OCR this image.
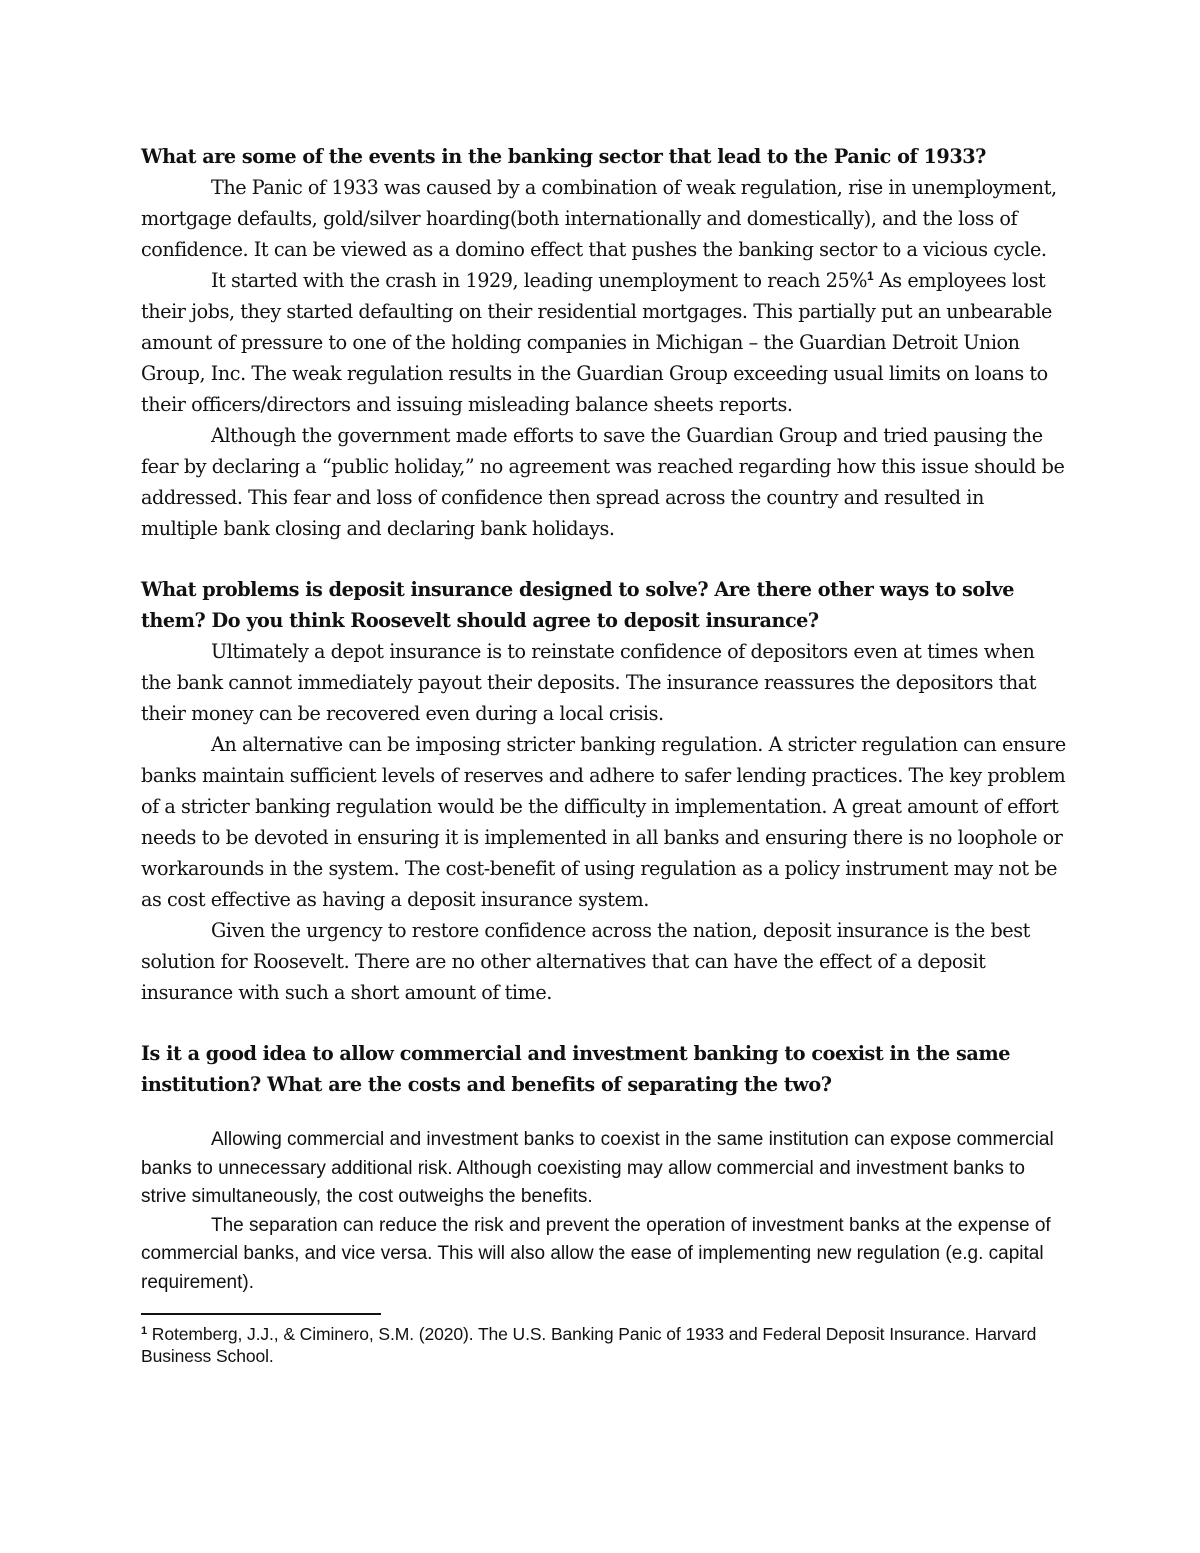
What are some of the events in the banking sector that lead to the Panic of 1933?

The Panic of 1933 was caused by a combination of weak regulation, rise in unemployment, mortgage defaults, gold/silver hoarding(both internationally and domestically), and the loss of confidence. It can be viewed as a domino effect that pushes the banking sector to a vicious cycle.

It started with the crash in 1929, leading unemployment to reach 25%$^1$ As employees lost their jobs, they started defaulting on their residential mortgages. This partially put an unbearable amount of pressure to one of the holding companies in Michigan – the Guardian Detroit Union Group, Inc. The weak regulation results in the Guardian Group exceeding usual limits on loans to their officers/directors and issuing misleading balance sheets reports.

Although the government made efforts to save the Guardian Group and tried pausing the fear by declaring a “public holiday,” no agreement was reached regarding how this issue should be addressed. This fear and loss of confidence then spread across the country and resulted in multiple bank closing and declaring bank holidays.

What problems is deposit insurance designed to solve? Are there other ways to solve them? Do you think Roosevelt should agree to deposit insurance?

Ultimately a depot insurance is to reinstate confidence of depositors even at times when the bank cannot immediately payout their deposits. The insurance reassures the depositors that their money can be recovered even during a local crisis.

An alternative can be imposing stricter banking regulation. A stricter regulation can ensure banks maintain sufficient levels of reserves and adhere to safer lending practices. The key problem of a stricter banking regulation would be the difficulty in implementation. A great amount of effort needs to be devoted in ensuring it is implemented in all banks and ensuring there is no loophole or workarounds in the system. The cost-benefit of using regulation as a policy instrument may not be as cost effective as having a deposit insurance system.

Given the urgency to restore confidence across the nation, deposit insurance is the best solution for Roosevelt. There are no other alternatives that can have the effect of a deposit insurance with such a short amount of time.

Is it a good idea to allow commercial and investment banking to coexist in the same institution? What are the costs and benefits of separating the two?

Allowing commercial and investment banks to coexist in the same institution can expose commercial banks to unnecessary additional risk. Although coexisting may allow commercial and investment banks to strive simultaneously, the cost outweighs the benefits.

The separation can reduce the risk and prevent the operation of investment banks at the expense of commercial banks, and vice versa. This will also allow the ease of implementing new regulation (e.g. capital requirement).

$^1$ Rotemberg, J.J., & Ciminero, S.M. (2020). The U.S. Banking Panic of 1933 and Federal Deposit Insurance. Harvard Business School.
